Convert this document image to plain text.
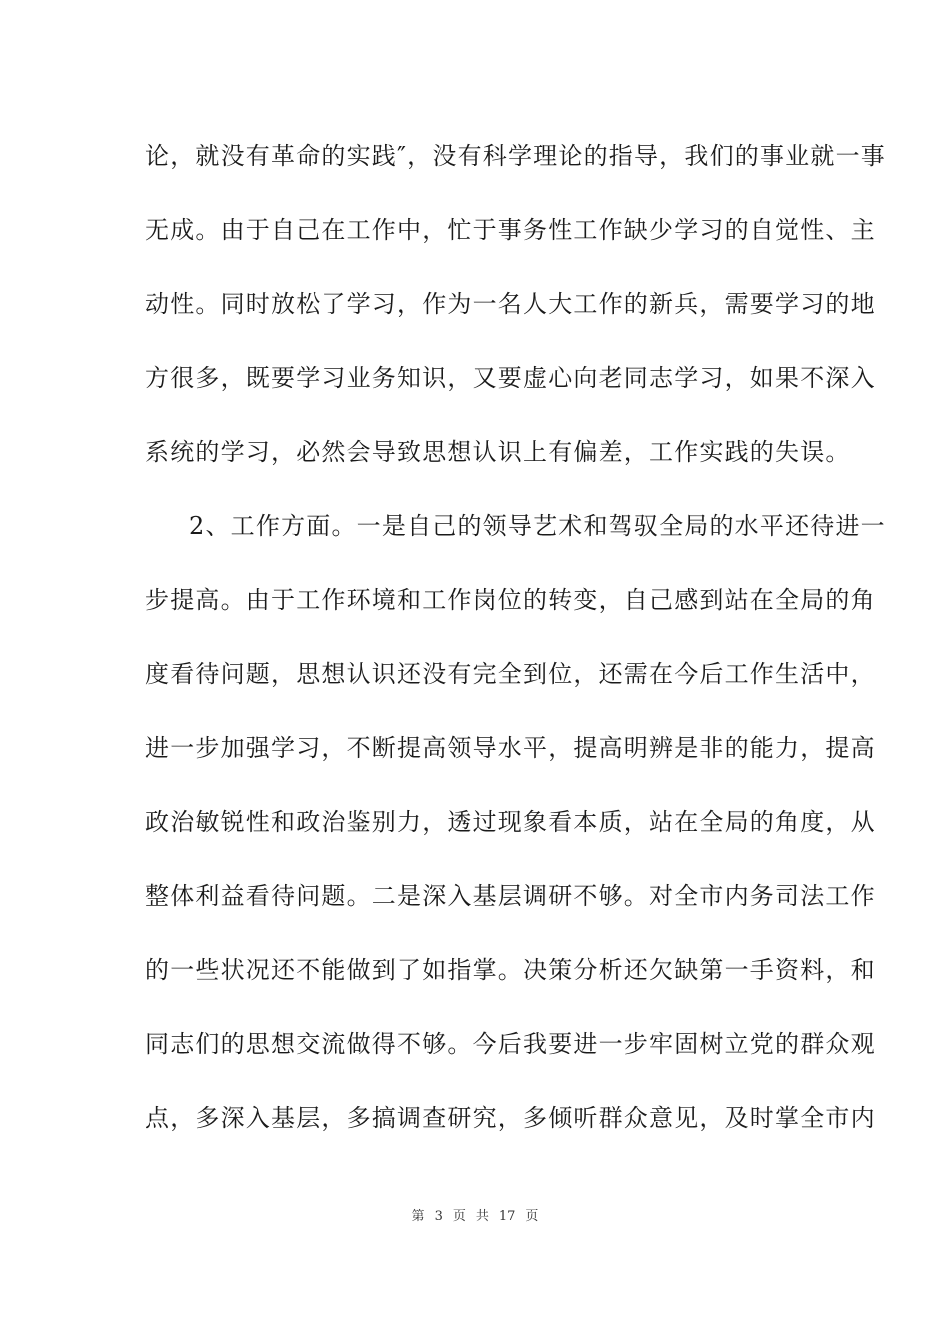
论，就没有革命的实践″，没有科学理论的指导，我们的事业就一事
无成。由于自己在工作中，忙于事务性工作缺少学习的自觉性、主
动性。同时放松了学习，作为一名人大工作的新兵，需要学习的地
方很多，既要学习业务知识，又要虚心向老同志学习，如果不深入
系统的学习，必然会导致思想认识上有偏差，工作实践的失误。
2、工作方面。一是自己的领导艺术和驾驭全局的水平还待进一
步提高。由于工作环境和工作岗位的转变，自己感到站在全局的角
度看待问题，思想认识还没有完全到位，还需在今后工作生活中，
进一步加强学习，不断提高领导水平，提高明辨是非的能力，提高
政治敏锐性和政治鉴别力，透过现象看本质，站在全局的角度，从
整体利益看待问题。二是深入基层调研不够。对全市内务司法工作
的一些状况还不能做到了如指掌。决策分析还欠缺第一手资料，和
同志们的思想交流做得不够。今后我要进一步牢固树立党的群众观
点，多深入基层，多搞调查研究，多倾听群众意见，及时掌全市内
第 3 页 共 17 页
